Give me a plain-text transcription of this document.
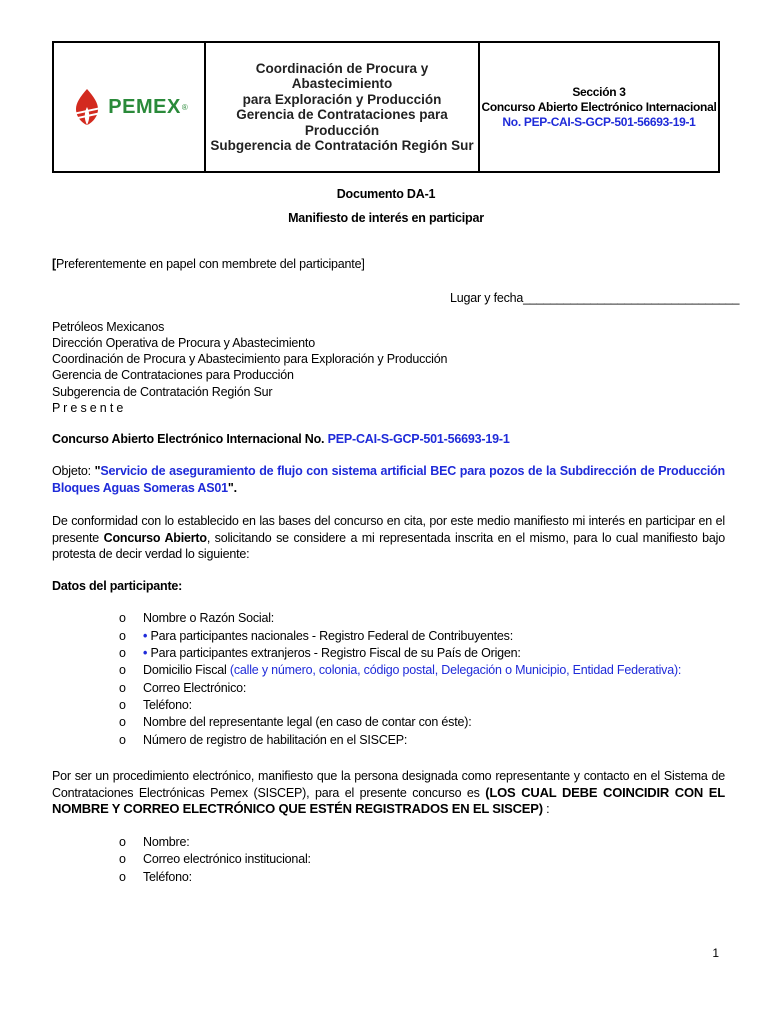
PEMEX ®
Coordinación de Procura y Abastecimiento
para Exploración y Producción
Gerencia de Contrataciones para
Producción
Subgerencia de Contratación Región Sur
Sección 3
Concurso Abierto Electrónico Internacional
No. PEP-CAI-S-GCP-501-56693-19-1
Documento DA-1
Manifiesto de interés en participar
[Preferentemente en papel con membrete del participante]
Lugar y fecha________________________________
Petróleos Mexicanos
Dirección Operativa de Procura y Abastecimiento
Coordinación de Procura y Abastecimiento para Exploración y Producción
Gerencia de Contrataciones para Producción
Subgerencia de Contratación Región Sur
P r e s e n t e
Concurso Abierto Electrónico Internacional No. PEP-CAI-S-GCP-501-56693-19-1
Objeto: "Servicio de aseguramiento de flujo con sistema artificial BEC para pozos de la Subdirección de Producción Bloques Aguas Someras AS01".
De conformidad con lo establecido en las bases del concurso en cita, por este medio manifiesto mi interés en participar en el presente Concurso Abierto, solicitando se considere a mi representada inscrita en el mismo, para lo cual manifiesto bajo protesta de decir verdad lo siguiente:
Datos del participante:
o Nombre o Razón Social:
o • Para participantes nacionales - Registro Federal de Contribuyentes:
o • Para participantes extranjeros - Registro Fiscal de su País de Origen:
o Domicilio Fiscal (calle y número, colonia, código postal, Delegación o Municipio, Entidad Federativa):
o Correo Electrónico:
o Teléfono:
o Nombre del representante legal (en caso de contar con éste):
o Número de registro de habilitación en el SISCEP:
Por ser un procedimiento electrónico, manifiesto que la persona designada como representante y contacto en el Sistema de Contrataciones Electrónicas Pemex (SISCEP), para el presente concurso es (LOS CUAL DEBE COINCIDIR CON EL NOMBRE Y CORREO ELECTRÓNICO QUE ESTÉN REGISTRADOS EN EL SISCEP) :
o Nombre:
o Correo electrónico institucional:
o Teléfono:
1
